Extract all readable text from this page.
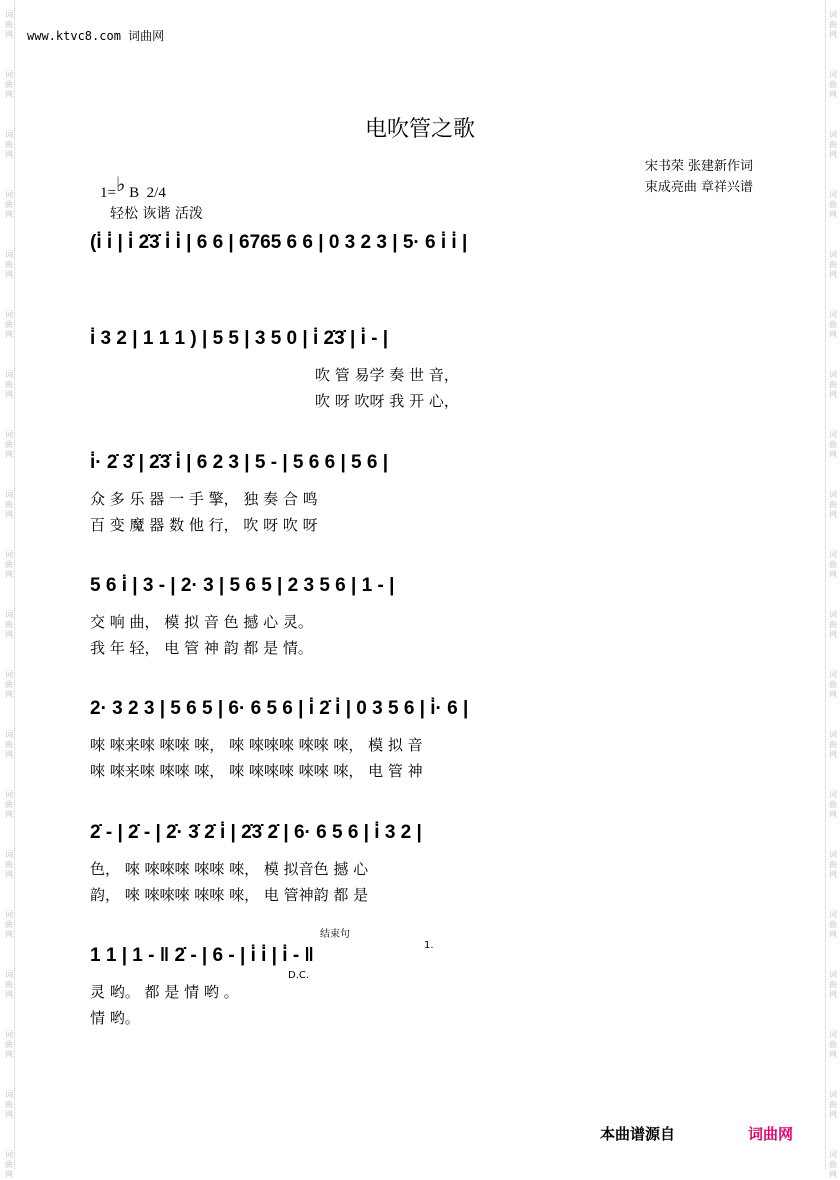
www.ktvc8.com 词曲网
电吹管之歌
1=♭ B 2/4
轻松 诙谐 活泼
宋书荣 张建新作词
束成亮曲 章祥兴谱
(i̇ i̇ | i̇ 2̇3̇ i̇ i̇ | 6 6 | 6765 6 6 | 0 3 2 3 | 5· 6 i̇ i̇ |
i̇ 3 2 | 1 1 1 ) | 5 5 | 3 5 0 | i̇ 2̇3̇ | i̇ - |
吹 管 易学 奏 世 音，
吹 呀 吹呀 我 开 心，
i̇· 2̇ 3̇ | 2̇3̇ i̇ | 6 2 3 | 5 - | 5 6 6 | 5 6 |
众 多 乐 器 一 手 擎， 独 奏 合 鸣
百 变 魔 器 数 他 行， 吹 呀 吹 呀
5 6 i̇ | 3 - | 2· 3 | 5 6 5 | 2 3 5 6 | 1 - |
交 响 曲， 模 拟 音 色 撼 心 灵。
我 年 轻， 电 管 神 韵 都 是 情。
2· 3 2 3 | 5 6 5 | 6· 6 5 6 | i̇ 2̇ i̇ | 0 3 5 6 | i̇· 6 |
唻 唻来唻 唻唻 唻， 唻 唻唻唻 唻唻 唻， 模 拟 音
唻 唻来唻 唻唻 唻， 唻 唻唻唻 唻唻 唻， 电 管 神
2̇ - | 2̇ - | 2̇· 3̇ 2̇ i̇ | 2̇3̇ 2̇ | 6· 6 5 6 | i̇ 3 2 |
色， 唻 唻唻唻 唻唻 唻， 模 拟音色 撼 心
韵， 唻 唻唻唻 唻唻 唻， 电 管神韵 都 是
结束句
1.
D.C.
1 1 | 1 - ‖ 2̇ - | 6 - | i̇ i̇ | i̇ - ‖
灵 哟。 都 是 情 哟 。
情 哟。
本曲谱源自	词曲网
词
曲
网
词
曲
网
词
曲
网
词
曲
网
词
曲
网
词
曲
网
词
曲
网
词
曲
网
词
曲
网
词
曲
网
词
曲
网
词
曲
网
词
曲
网
词
曲
网
词
曲
网
词
曲
网
词
曲
网
词
曲
网
词
曲
网
词
曲
网
词
曲
网
词
曲
网
词
曲
网
词
曲
网
词
曲
网
词
曲
网
词
曲
网
词
曲
网
词
曲
网
词
曲
网
词
曲
网
词
曲
网
词
曲
网
词
曲
网
词
曲
网
词
曲
网
词
曲
网
词
曲
网
词
曲
网
词
曲
网
